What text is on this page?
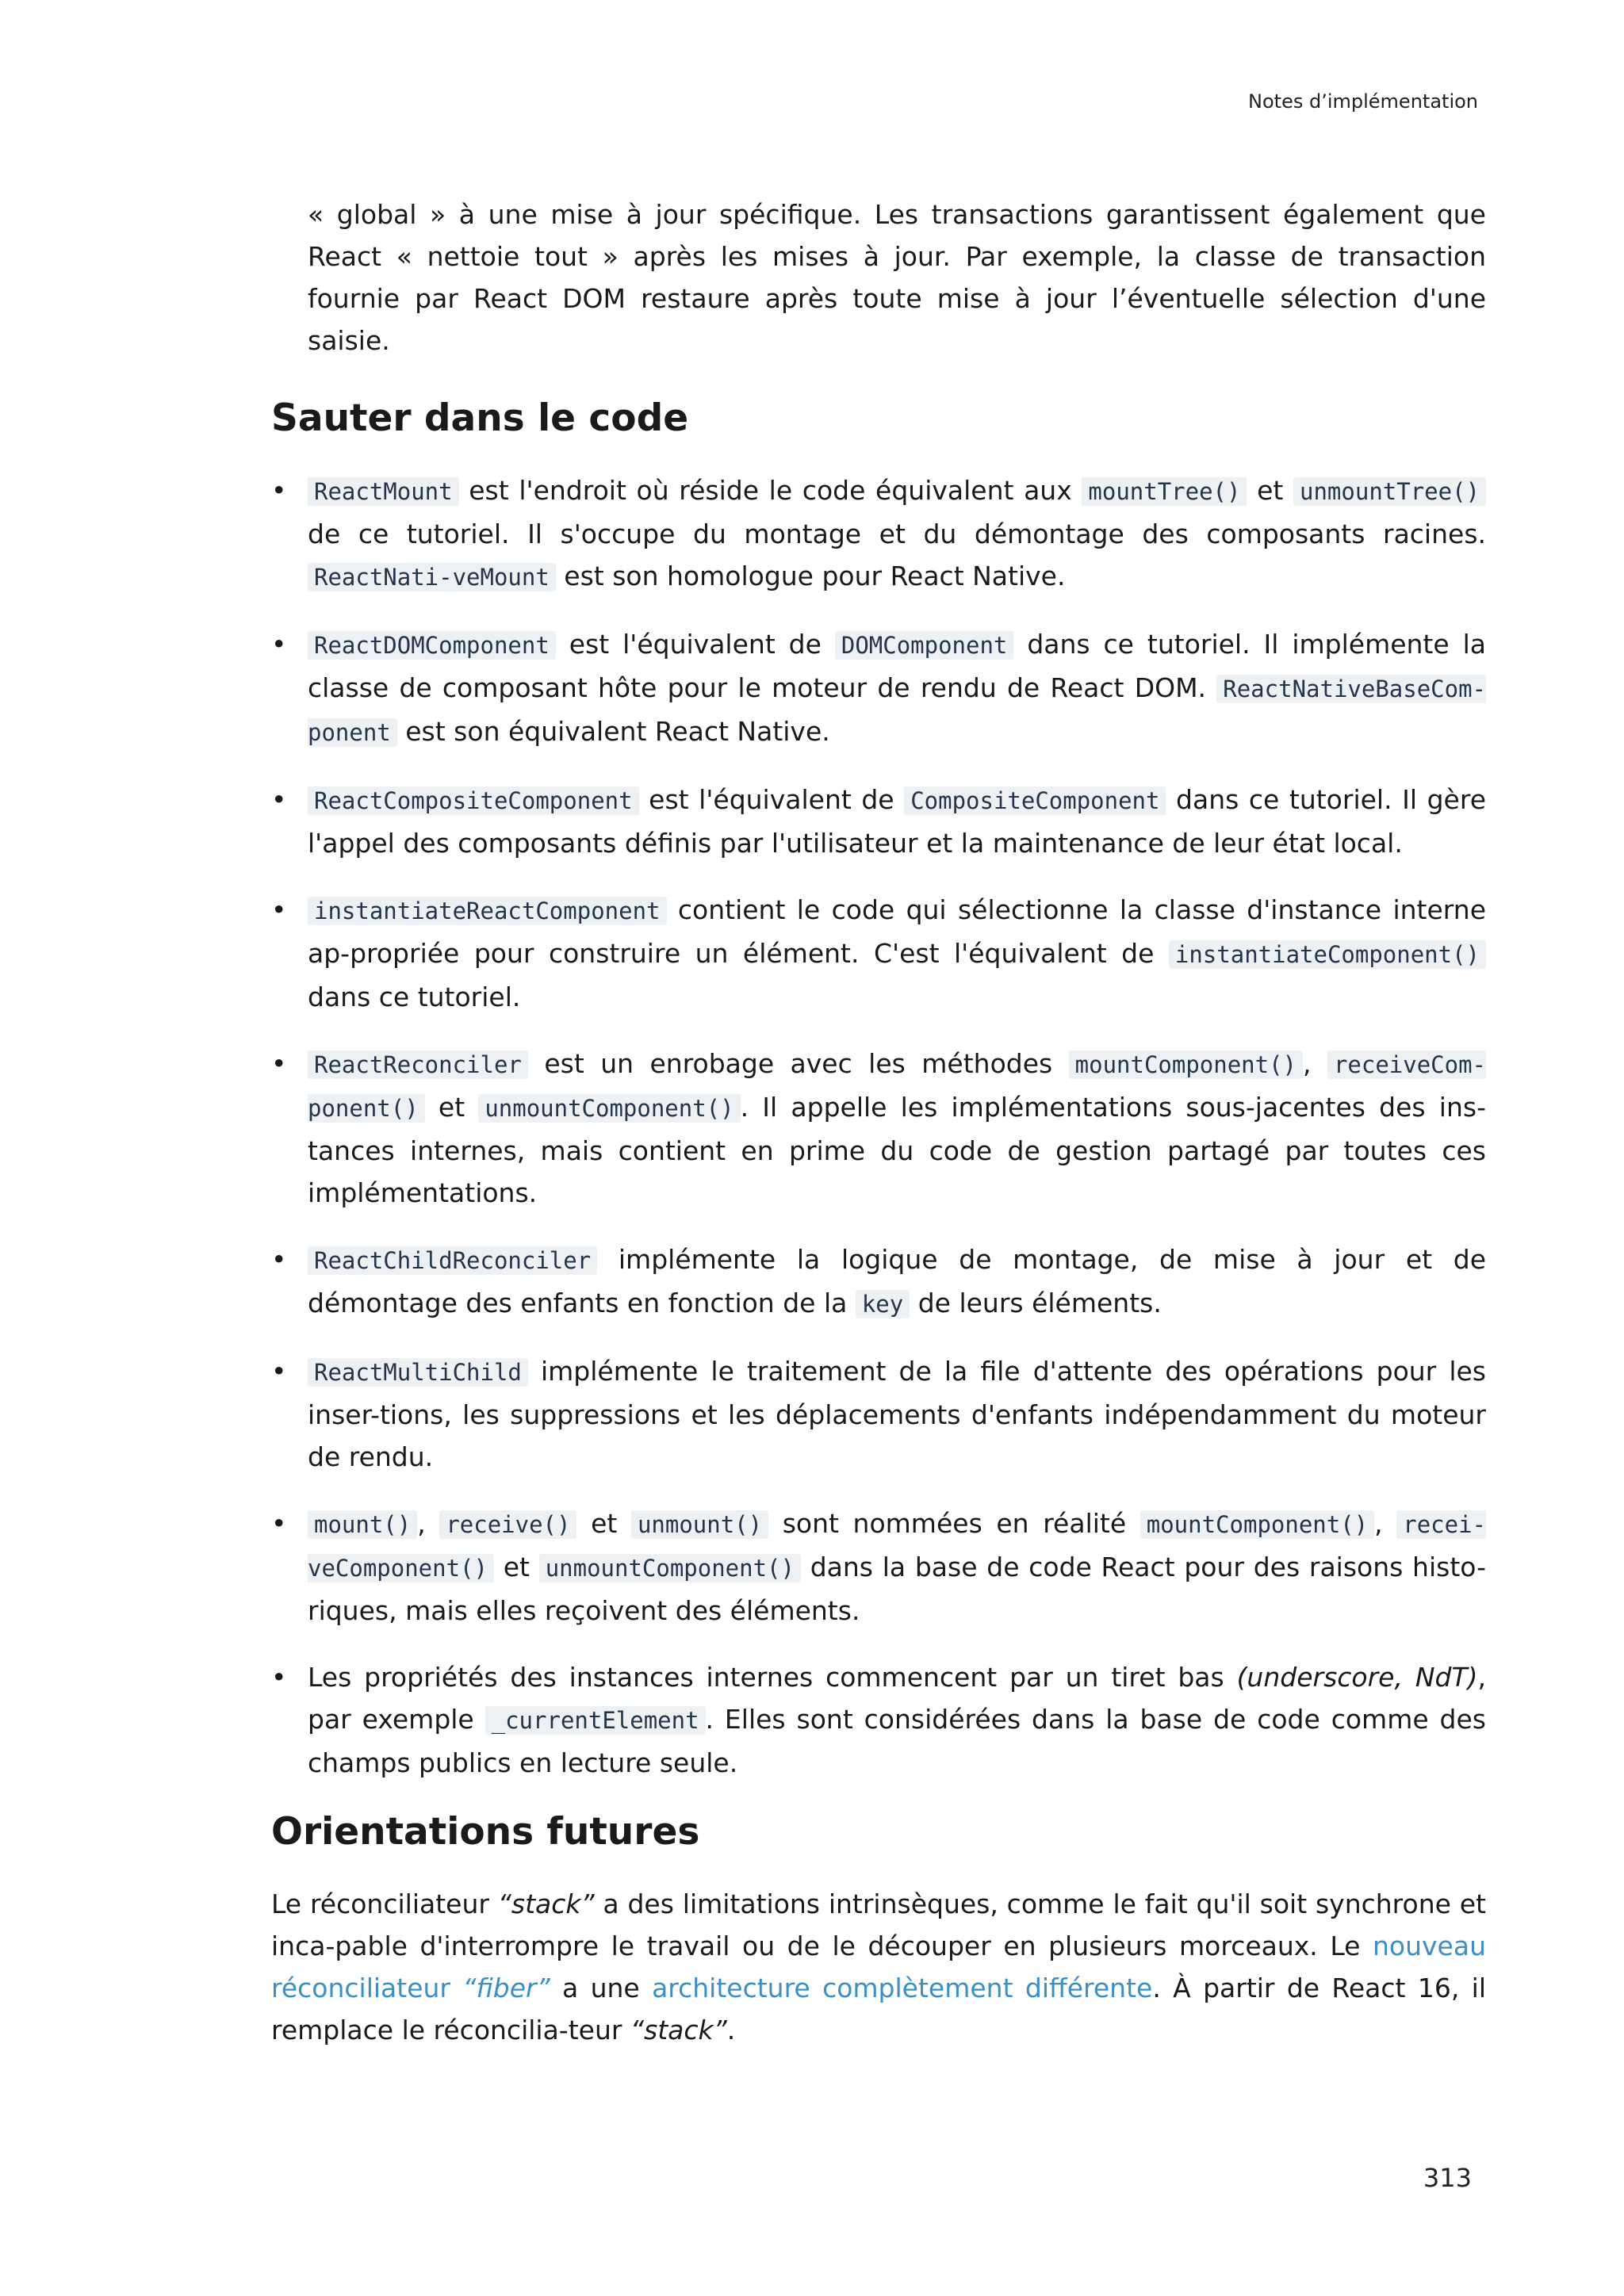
Notes d’implémentation

« global » à une mise à jour spécifique. Les transactions garantissent également que React « nettoie tout » après les mises à jour. Par exemple, la classe de transaction fournie par React DOM restaure après toute mise à jour l’éventuelle sélection d'une saisie.

Sauter dans le code
• ReactMount est l'endroit où réside le code équivalent aux mountTree() et unmountTree() de ce tutoriel. Il s'occupe du montage et du démontage des composants racines. ReactNati-veMount est son homologue pour React Native.
• ReactDOMComponent est l'équivalent de DOMComponent dans ce tutoriel. Il implémente la classe de composant hôte pour le moteur de rendu de React DOM. ReactNativeBaseCom-ponent est son équivalent React Native.
• ReactCompositeComponent est l'équivalent de CompositeComponent dans ce tutoriel. Il gère l'appel des composants définis par l'utilisateur et la maintenance de leur état local.
• instantiateReactComponent contient le code qui sélectionne la classe d'instance interne ap-propriée pour construire un élément. C'est l'équivalent de instantiateComponent() dans ce tutoriel.
• ReactReconciler est un enrobage avec les méthodes mountComponent() , receiveCom-ponent() et unmountComponent() . Il appelle les implémentations sous-jacentes des ins-tances internes, mais contient en prime du code de gestion partagé par toutes ces implémentations.
• ReactChildReconciler implémente la logique de montage, de mise à jour et de démontage des enfants en fonction de la key de leurs éléments.
• ReactMultiChild implémente le traitement de la file d'attente des opérations pour les inser-tions, les suppressions et les déplacements d'enfants indépendamment du moteur de rendu.
• mount() , receive() et unmount() sont nommées en réalité mountComponent() , recei-veComponent() et unmountComponent() dans la base de code React pour des raisons histo-riques, mais elles reçoivent des éléments.
• Les propriétés des instances internes commencent par un tiret bas (underscore, NdT), par exemple _currentElement . Elles sont considérées dans la base de code comme des champs publics en lecture seule.
Orientations futures

Le réconciliateur “stack” a des limitations intrinsèques, comme le fait qu'il soit synchrone et inca-pable d'interrompre le travail ou de le découper en plusieurs morceaux. Le nouveau réconciliateur “fiber” a une architecture complètement différente. À partir de React 16, il remplace le réconcilia-teur “stack”.

313
